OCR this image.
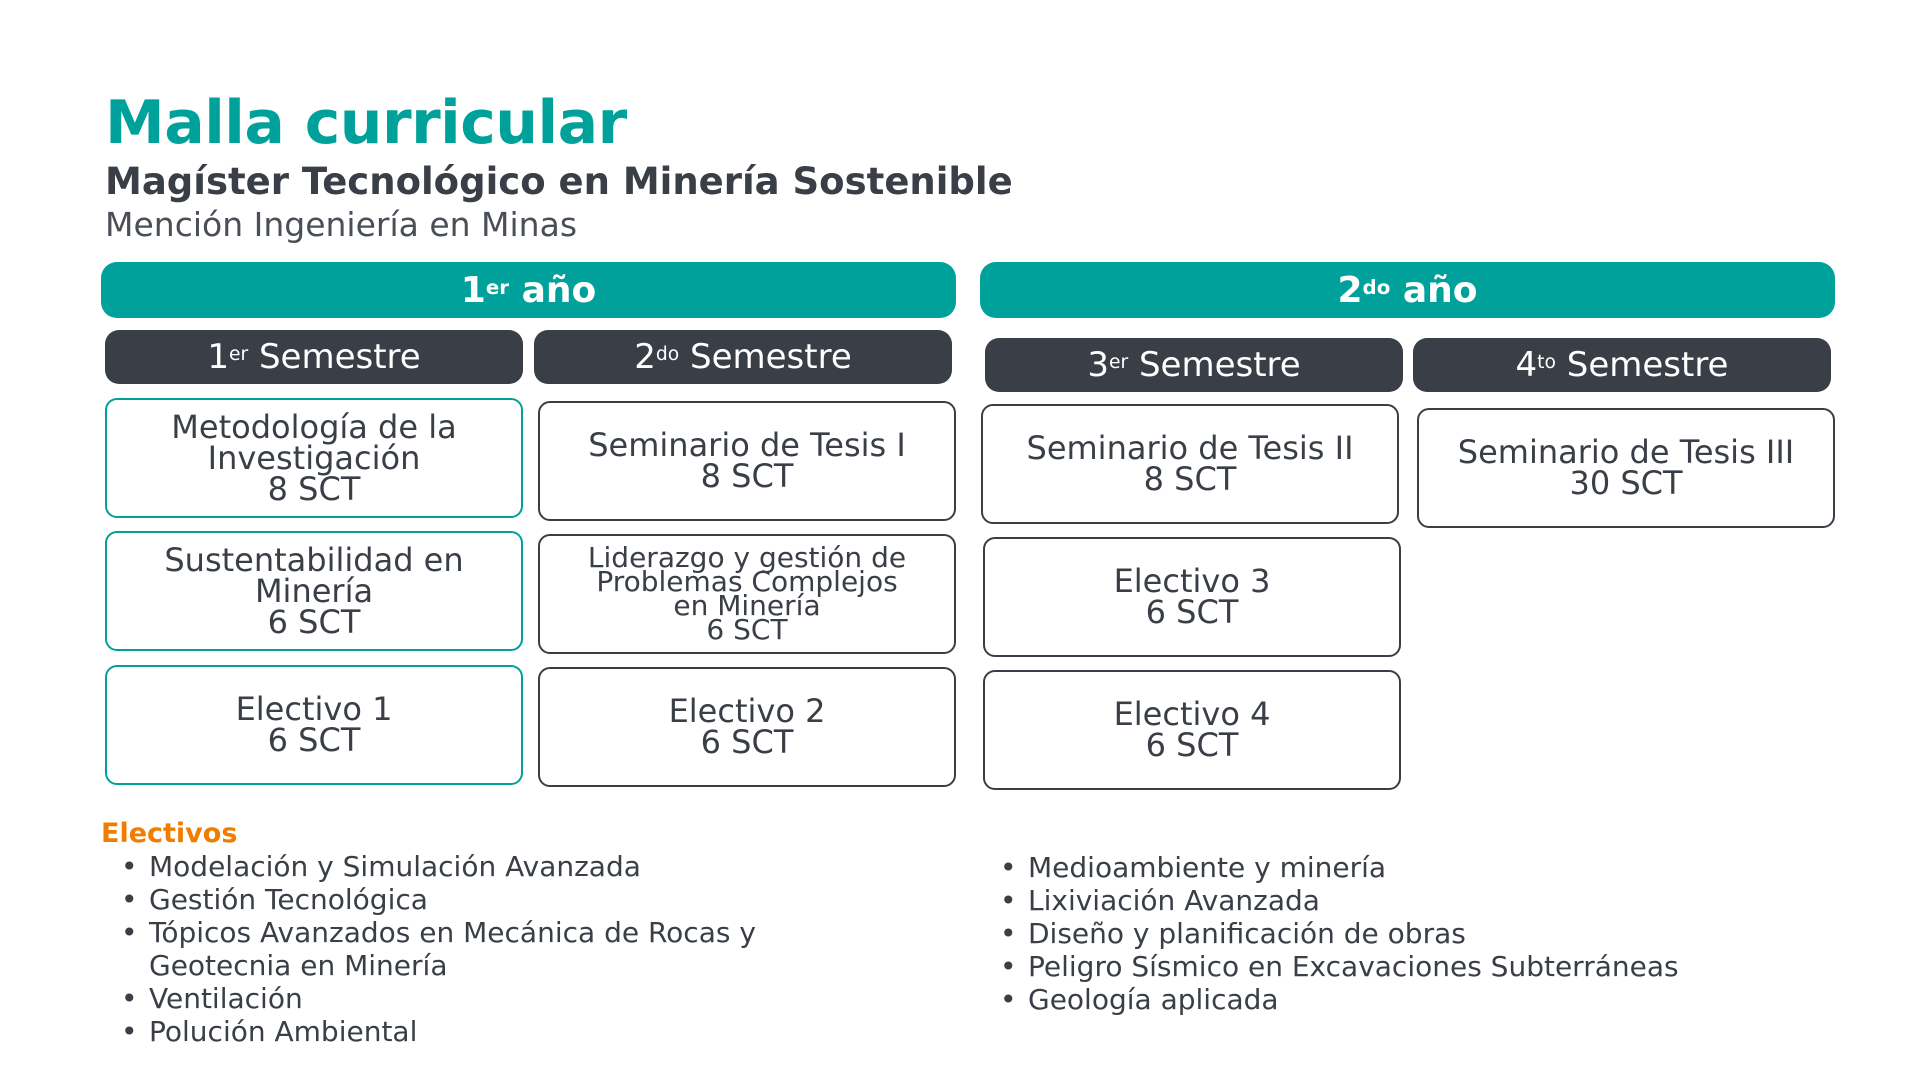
Malla curricular
Magíster Tecnológico en Minería Sostenible
Mención Ingeniería en Minas
1er
año	$2^{do}$
año
1er
Semestre	$2^{do}$
Semestre	3er
Semestre	$4^{to}$
Semestre
Metodología de la
Investigación
8 SCT
Sustentabilidad en
Minería
6 SCT
Electivo 1
6 SCT
Seminario de Tesis I
8 SCT
Liderazgo y gestión de
Problemas Complejos
en Minería
6 SCT
Electivo 2
6 SCT
Seminario de Tesis II
8 SCT
Electivo 3
6 SCT
Electivo 4
6 SCT
Seminario de Tesis III
30 SCT
Electivos
• Modelación y Simulación Avanzada
• Gestión Tecnológica
• Tópicos Avanzados en Mecánica de Rocas y
Geotecnia en Minería
• Ventilación
• Polución Ambiental
• Medioambiente y minería
• Lixiviación Avanzada
• Diseño y planificación de obras
• Peligro Sísmico en Excavaciones Subterráneas
• Geología aplicada
